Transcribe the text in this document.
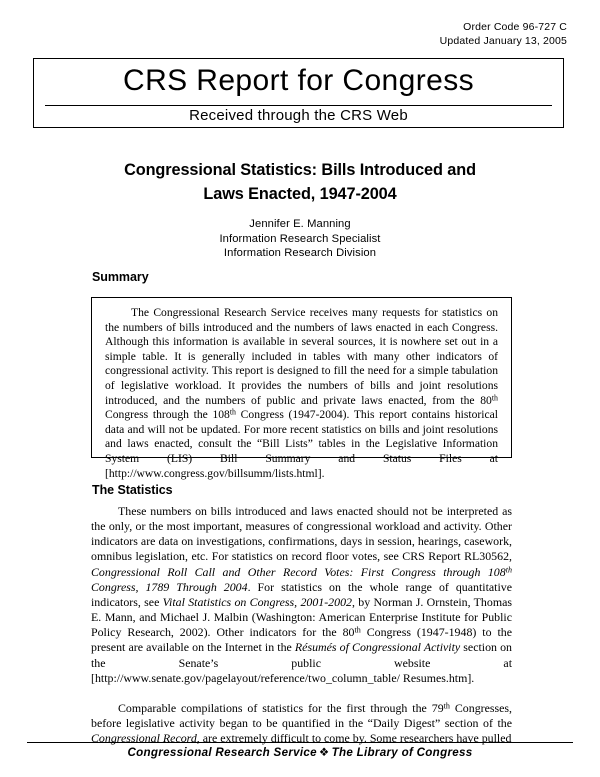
Order Code 96-727 C
Updated January 13, 2005
CRS Report for Congress
Received through the CRS Web
Congressional Statistics: Bills Introduced and
Laws Enacted, 1947-2004
Jennifer E. Manning
Information Research Specialist
Information Research Division
Summary
The Congressional Research Service receives many requests for statistics on the numbers of bills introduced and the numbers of laws enacted in each Congress. Although this information is available in several sources, it is nowhere set out in a simple table. It is generally included in tables with many other indicators of congressional activity. This report is designed to fill the need for a simple tabulation of legislative workload. It provides the numbers of bills and joint resolutions introduced, and the numbers of public and private laws enacted, from the 80th Congress through the 108th Congress (1947-2004). This report contains historical data and will not be updated. For more recent statistics on bills and joint resolutions and laws enacted, consult the “Bill Lists” tables in the Legislative Information System (LIS) Bill Summary and Status Files at [http://www.congress.gov/billsumm/lists.html].
The Statistics
These numbers on bills introduced and laws enacted should not be interpreted as the only, or the most important, measures of congressional workload and activity. Other indicators are data on investigations, confirmations, days in session, hearings, casework, omnibus legislation, etc. For statistics on record floor votes, see CRS Report RL30562, Congressional Roll Call and Other Record Votes: First Congress through 108th Congress, 1789 Through 2004. For statistics on the whole range of quantitative indicators, see Vital Statistics on Congress, 2001-2002, by Norman J. Ornstein, Thomas E. Mann, and Michael J. Malbin (Washington: American Enterprise Institute for Public Policy Research, 2002). Other indicators for the 80th Congress (1947-1948) to the present are available on the Internet in the Résumés of Congressional Activity section on the Senate’s public website at [http://www.senate.gov/pagelayout/reference/two_column_table/ Resumes.htm].
Comparable compilations of statistics for the first through the 79th Congresses, before legislative activity began to be quantified in the “Daily Digest” section of the Congressional Record, are extremely difficult to come by. Some researchers have pulled
Congressional Research Service ❖ The Library of Congress
